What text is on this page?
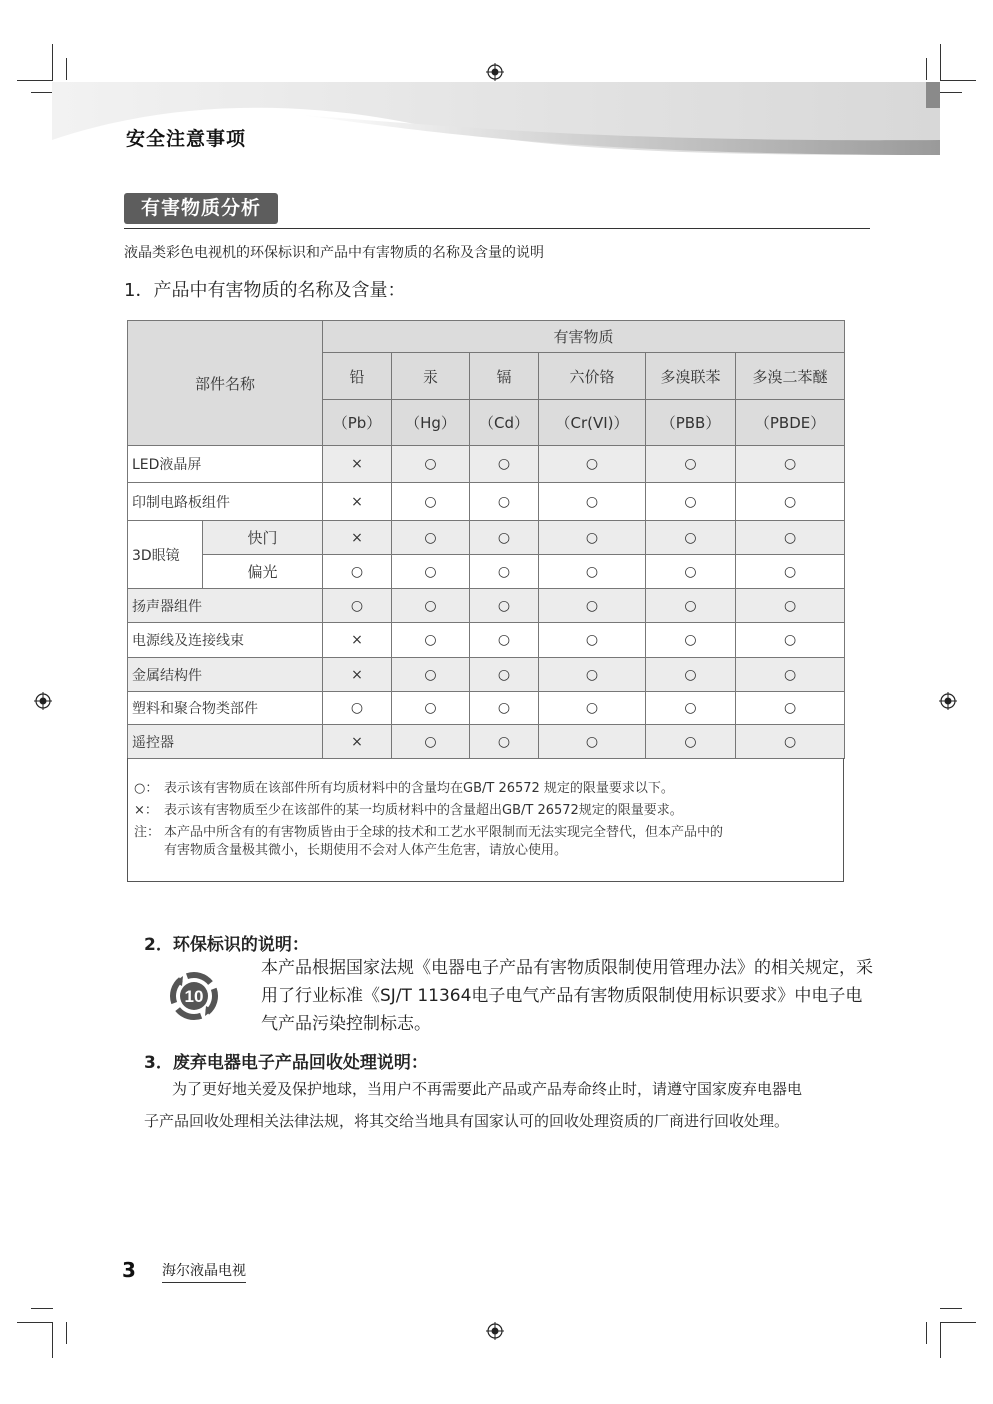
安全注意事项
有害物质分析
液晶类彩色电视机的环保标识和产品中有害物质的名称及含量的说明
1．产品中有害物质的名称及含量：
部件名称		有害物质					
		铅	汞	镉	六价铬	多溴联苯	多溴二苯醚
		（Pb）	（Hg）	（Cd）	（Cr(VI)）	（PBB）	（PBDE）
LED液晶屏		×	○	○	○	○	○
印制电路板组件		×	○	○	○	○	○
3D眼镜	快门	×	○	○	○	○	○
	偏光	○	○	○	○	○	○
扬声器组件		○	○	○	○	○	○
电源线及连接线束		×	○	○	○	○	○
金属结构件		×	○	○	○	○	○
塑料和聚合物类部件		○	○	○	○	○	○
遥控器		×	○	○	○	○	○
○： 表示该有害物质在该部件所有均质材料中的含量均在GB/T 26572 规定的限量要求以下。
×： 表示该有害物质至少在该部件的某一均质材料中的含量超出GB/T 26572规定的限量要求。
注： 本产品中所含有的有害物质皆由于全球的技术和工艺水平限制而无法实现完全替代，但本产品中的
有害物质含量极其微小，长期使用不会对人体产生危害，请放心使用。
2．环保标识的说明：
10
本产品根据国家法规《电器电子产品有害物质限制使用管理办法》的相关规定，采用了行业标准《SJ/T 11364电子电气产品有害物质限制使用标识要求》中电子电气产品污染控制标志。
3．废弃电器电子产品回收处理说明：
为了更好地关爱及保护地球，当用户不再需要此产品或产品寿命终止时，请遵守国家废弃电器电
子产品回收处理相关法律法规，将其交给当地具有国家认可的回收处理资质的厂商进行回收处理。
3 海尔液晶电视
